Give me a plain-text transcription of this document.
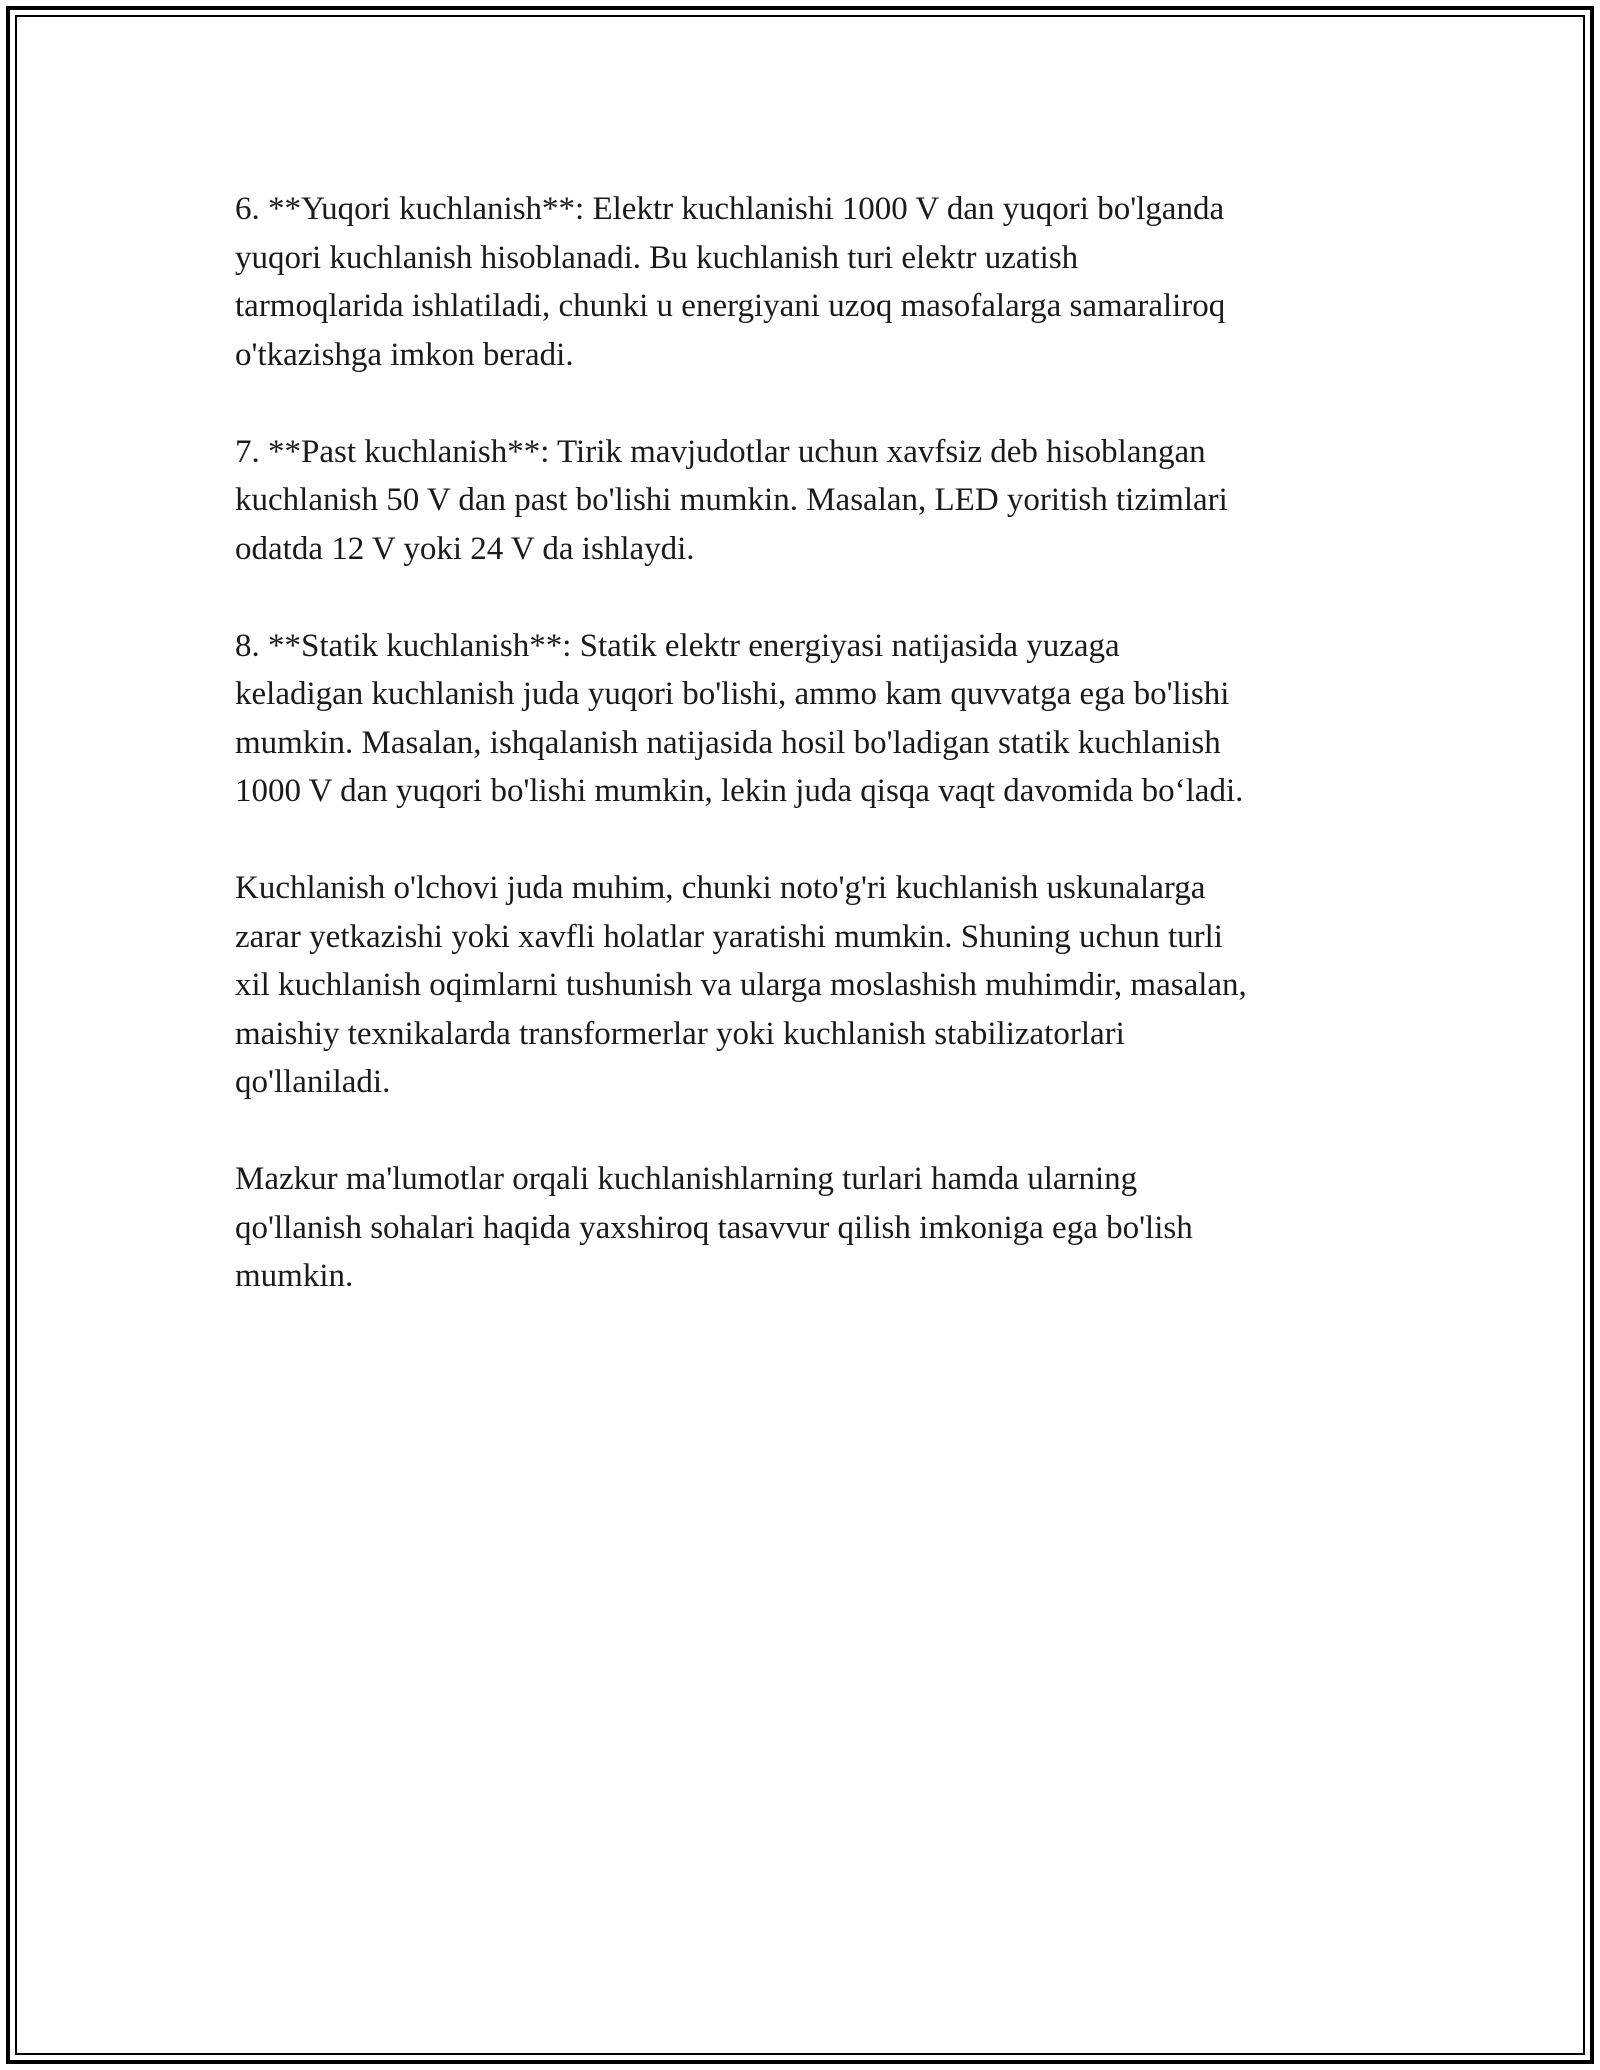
6. **Yuqori kuchlanish**: Elektr kuchlanishi 1000 V dan yuqori bo'lganda
yuqori kuchlanish hisoblanadi. Bu kuchlanish turi elektr uzatish
tarmoqlarida ishlatiladi, chunki u energiyani uzoq masofalarga samaraliroq
o'tkazishga imkon beradi.

7. **Past kuchlanish**: Tirik mavjudotlar uchun xavfsiz deb hisoblangan
kuchlanish 50 V dan past bo'lishi mumkin. Masalan, LED yoritish tizimlari
odatda 12 V yoki 24 V da ishlaydi.

8. **Statik kuchlanish**: Statik elektr energiyasi natijasida yuzaga
keladigan kuchlanish juda yuqori bo'lishi, ammo kam quvvatga ega bo'lishi
mumkin. Masalan, ishqalanish natijasida hosil bo'ladigan statik kuchlanish
1000 V dan yuqori bo'lishi mumkin, lekin juda qisqa vaqt davomida bo‘ladi.

Kuchlanish o'lchovi juda muhim, chunki noto'g'ri kuchlanish uskunalarga
zarar yetkazishi yoki xavfli holatlar yaratishi mumkin. Shuning uchun turli
xil kuchlanish oqimlarni tushunish va ularga moslashish muhimdir, masalan,
maishiy texnikalarda transformerlar yoki kuchlanish stabilizatorlari
qo'llaniladi.

Mazkur ma'lumotlar orqali kuchlanishlarning turlari hamda ularning
qo'llanish sohalari haqida yaxshiroq tasavvur qilish imkoniga ega bo'lish
mumkin.
